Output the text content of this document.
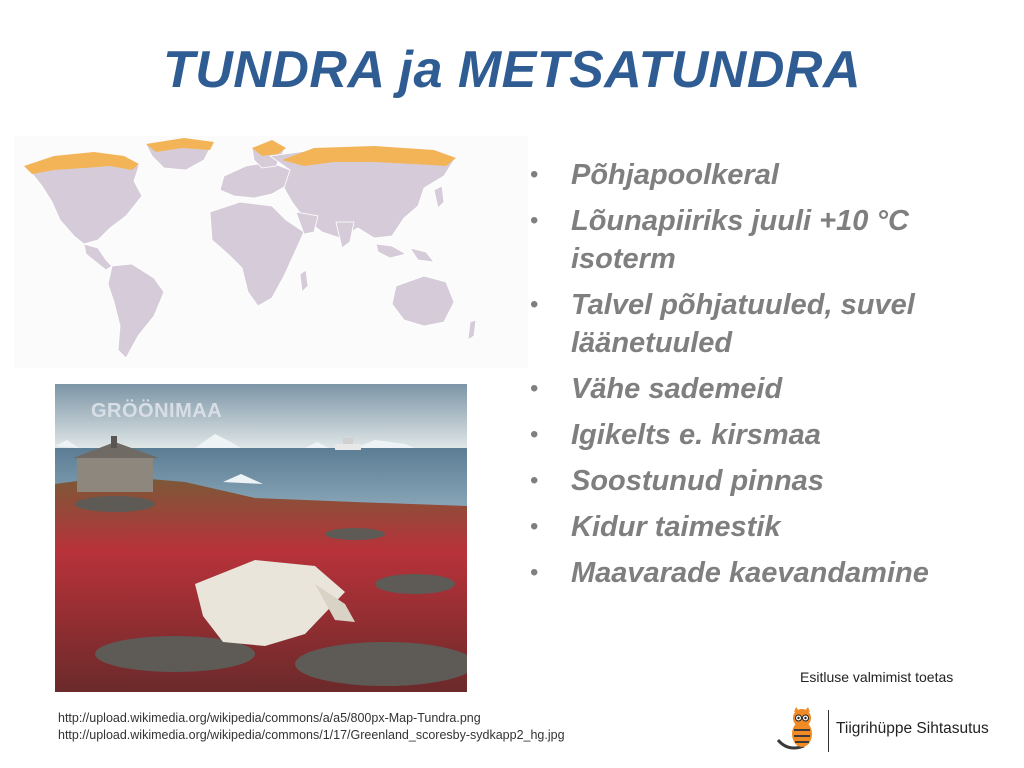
TUNDRA ja METSATUNDRA
GRÖÖNIMAA
• Põhjapoolkeral
• Lõunapiiriks juuli +10 °C isoterm
• Talvel põhjatuuled, suvel läänetuuled
• Vähe sademeid
• Igikelts e. kirsmaa
• Soostunud pinnas
• Kidur taimestik
• Maavarade kaevandamine
http://upload.wikimedia.org/wikipedia/commons/a/a5/800px-Map-Tundra.png
http://upload.wikimedia.org/wikipedia/commons/1/17/Greenland_scoresby-sydkapp2_hg.jpg
Esitluse valmimist toetas
Tiigrihüppe Sihtasutus
